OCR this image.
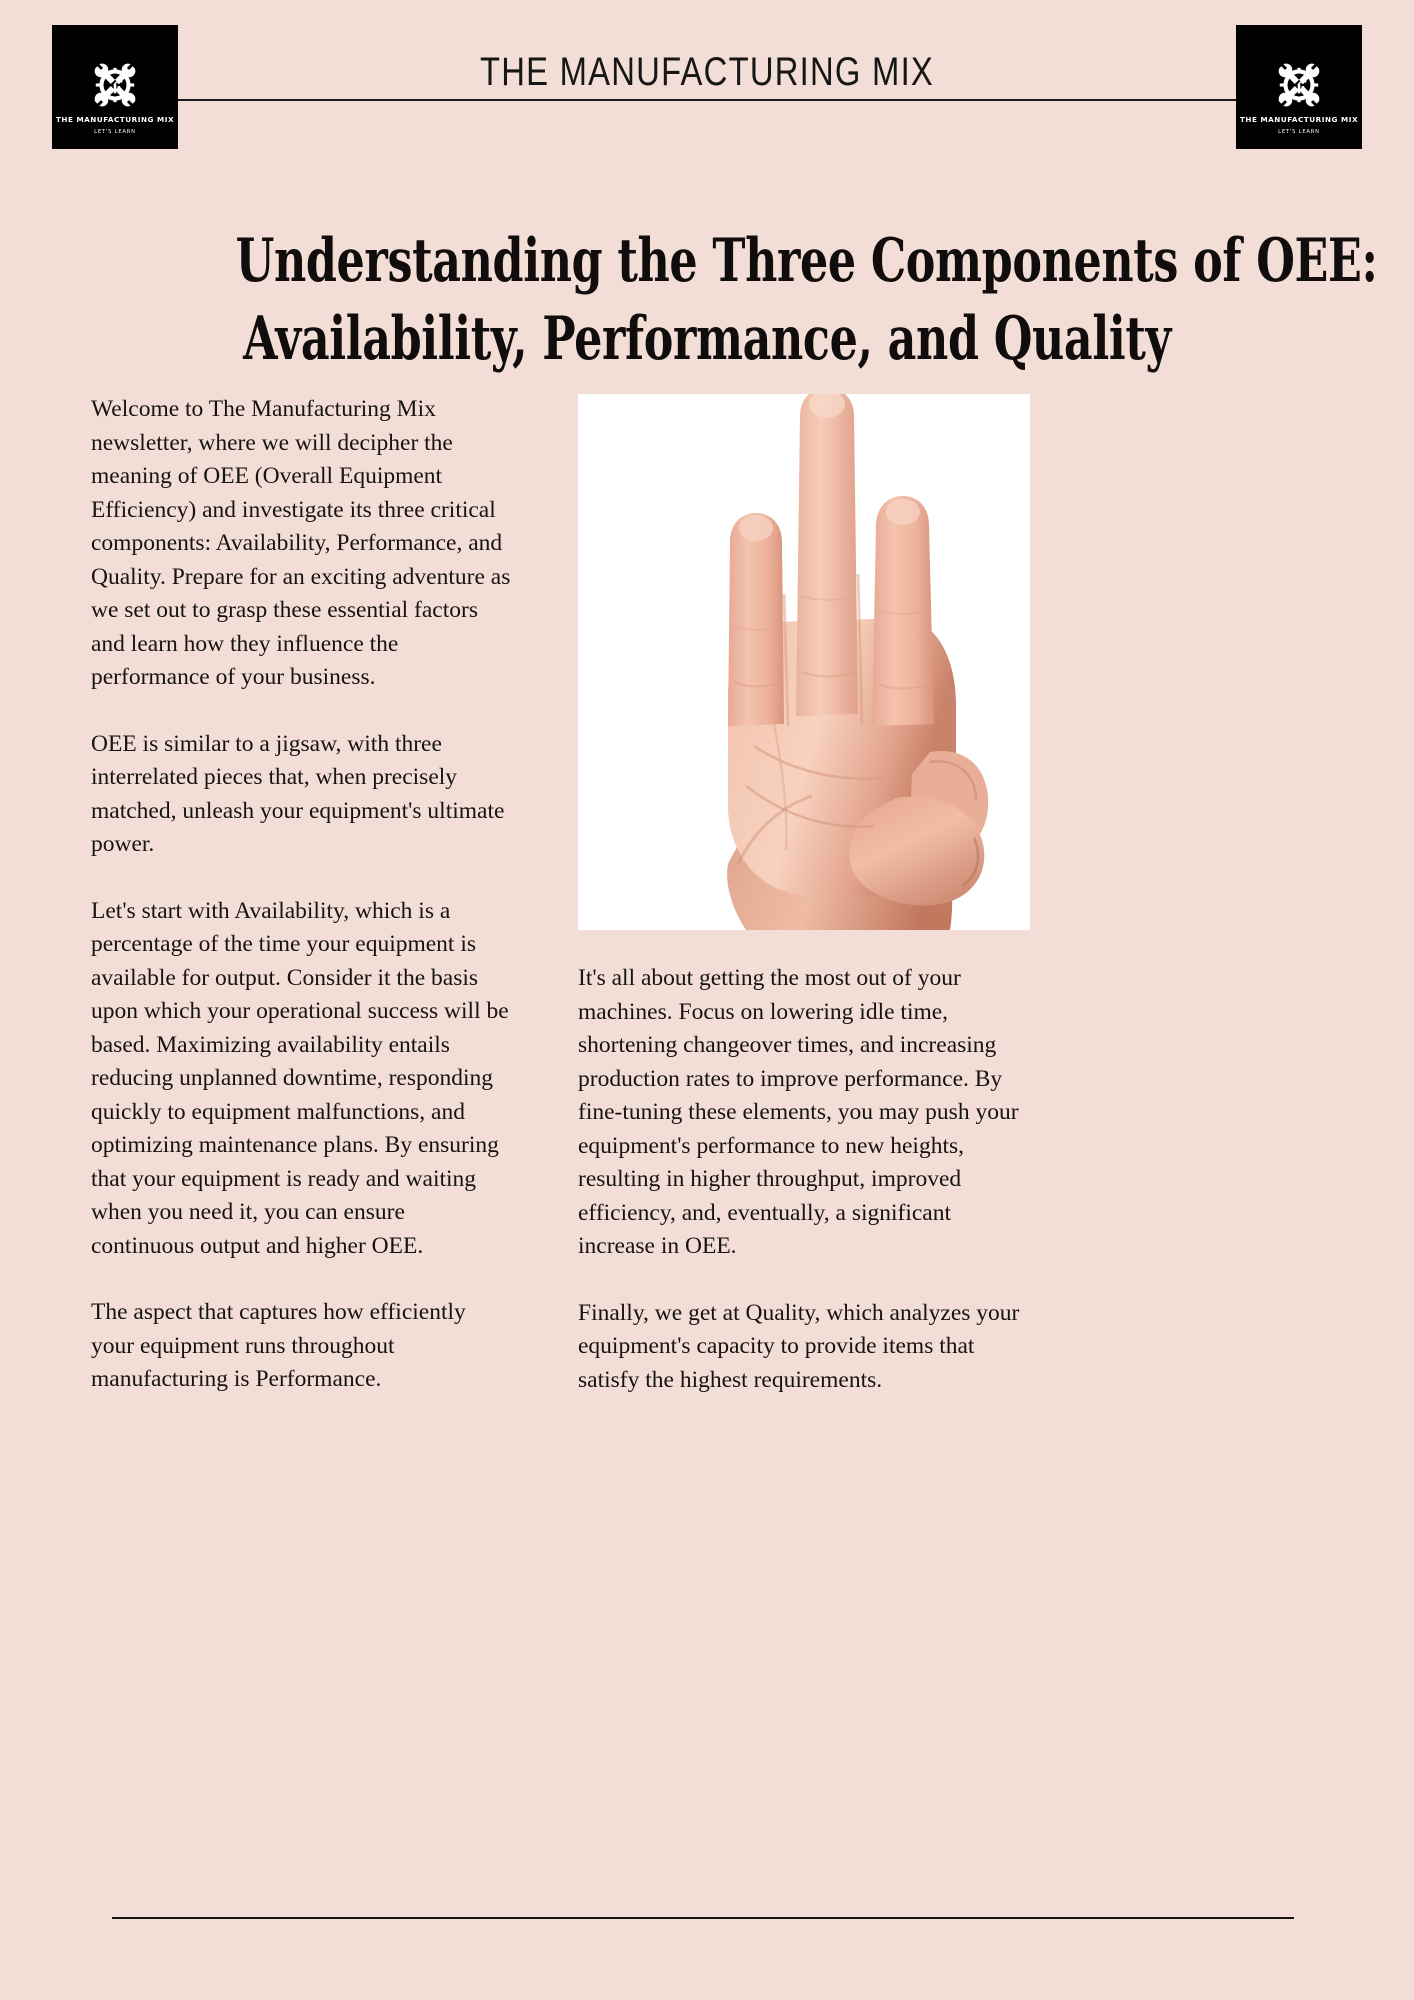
THE MANUFACTURING MIX
THE MANUFACTURING MIX
LET'S LEARN
THE MANUFACTURING MIX
LET'S LEARN
Understanding the Three Components of OEE:
Availability, Performance, and Quality

Welcome to The Manufacturing Mix newsletter, where we will decipher the meaning of OEE (Overall Equipment Efficiency) and investigate its three critical components: Availability, Performance, and Quality. Prepare for an exciting adventure as we set out to grasp these essential factors and learn how they influence the performance of your business.

OEE is similar to a jigsaw, with three interrelated pieces that, when precisely matched, unleash your equipment's ultimate power.

Let's start with Availability, which is a percentage of the time your equipment is available for output. Consider it the basis upon which your operational success will be based. Maximizing availability entails reducing unplanned downtime, responding quickly to equipment malfunctions, and optimizing maintenance plans. By ensuring that your equipment is ready and waiting when you need it, you can ensure continuous output and higher OEE.

The aspect that captures how efficiently your equipment runs throughout manufacturing is Performance.

It's all about getting the most out of your machines. Focus on lowering idle time, shortening changeover times, and increasing production rates to improve performance. By fine-tuning these elements, you may push your equipment's performance to new heights, resulting in higher throughput, improved efficiency, and, eventually, a significant increase in OEE.

Finally, we get at Quality, which analyzes your equipment's capacity to provide items that satisfy the highest requirements.
